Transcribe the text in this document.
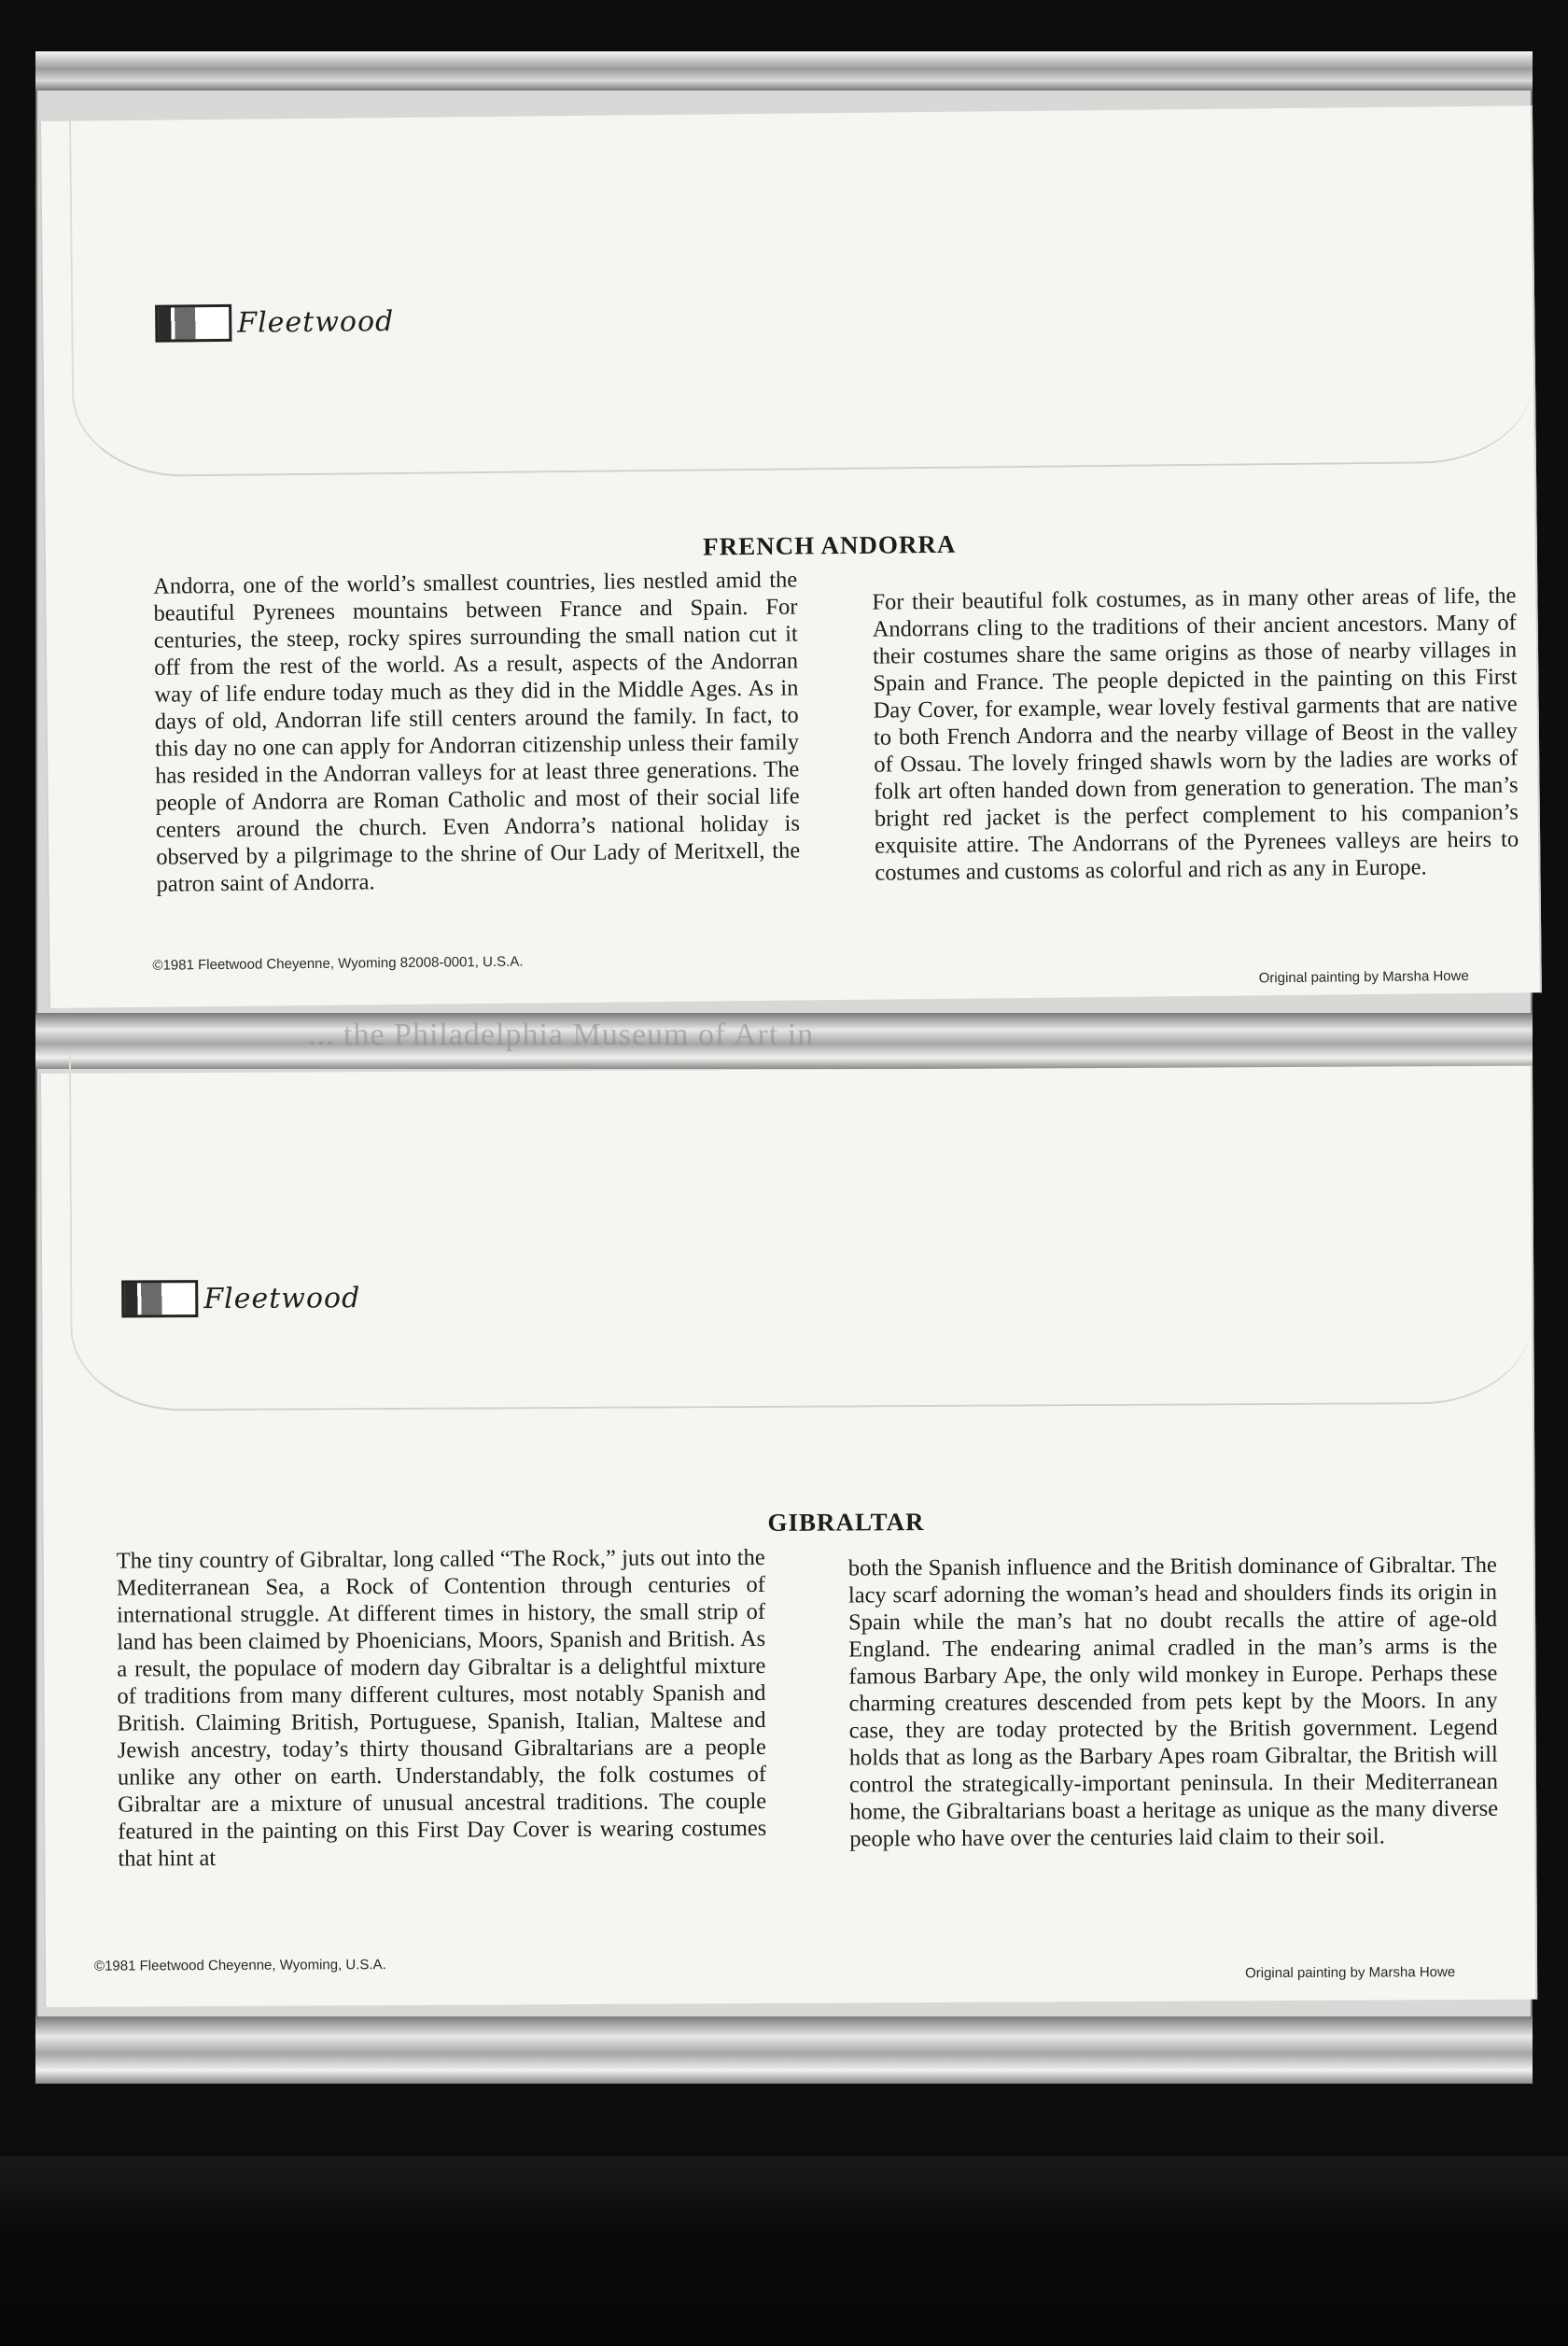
Fleetwood
FRENCH ANDORRA

Andorra, one of the world’s smallest countries, lies nestled amid the beautiful Pyrenees mountains between France and Spain. For centuries, the steep, rocky spires surrounding the small nation cut it off from the rest of the world. As a result, aspects of the Andorran way of life endure today much as they did in the Middle Ages. As in days of old, Andorran life still centers around the family. In fact, to this day no one can apply for Andorran citizenship unless their family has resided in the Andorran valleys for at least three generations. The people of Andorra are Roman Catholic and most of their social life centers around the church. Even Andorra’s national holiday is observed by a pilgrimage to the shrine of Our Lady of Meritxell, the patron saint of Andorra.

For their beautiful folk costumes, as in many other areas of life, the Andorrans cling to the traditions of their ancient ancestors. Many of their costumes share the same origins as those of nearby villages in Spain and France. The people depicted in the painting on this First Day Cover, for example, wear lovely festival garments that are native to both French Andorra and the nearby village of Beost in the valley of Ossau. The lovely fringed shawls worn by the ladies are works of folk art often handed down from generation to generation. The man’s bright red jacket is the perfect complement to his companion’s exquisite attire. The Andorrans of the Pyrenees valleys are heirs to costumes and customs as colorful and rich as any in Europe.

©1981 Fleetwood Cheyenne, Wyoming 82008-0001, U.S.A.
Original painting by Marsha Howe
... the Philadelphia Museum of Art in
Fleetwood
GIBRALTAR

The tiny country of Gibraltar, long called “The Rock,” juts out into the Mediterranean Sea, a Rock of Contention through centuries of international struggle. At different times in history, the small strip of land has been claimed by Phoenicians, Moors, Spanish and British. As a result, the populace of modern day Gibraltar is a delightful mixture of traditions from many different cultures, most notably Spanish and British. Claiming British, Portuguese, Spanish, Italian, Maltese and Jewish ancestry, today’s thirty thousand Gibraltarians are a people unlike any other on earth. Understandably, the folk costumes of Gibraltar are a mixture of unusual ancestral traditions. The couple featured in the painting on this First Day Cover is wearing costumes that hint at

both the Spanish influence and the British dominance of Gibraltar. The lacy scarf adorning the woman’s head and shoulders finds its origin in Spain while the man’s hat no doubt recalls the attire of age-old England. The endearing animal cradled in the man’s arms is the famous Barbary Ape, the only wild monkey in Europe. Perhaps these charming creatures descended from pets kept by the Moors. In any case, they are today protected by the British government. Legend holds that as long as the Barbary Apes roam Gibraltar, the British will control the strategically-important peninsula. In their Mediterranean home, the Gibraltarians boast a heritage as unique as the many diverse people who have over the centuries laid claim to their soil.

©1981 Fleetwood Cheyenne, Wyoming, U.S.A.	Original painting by Marsha Howe
